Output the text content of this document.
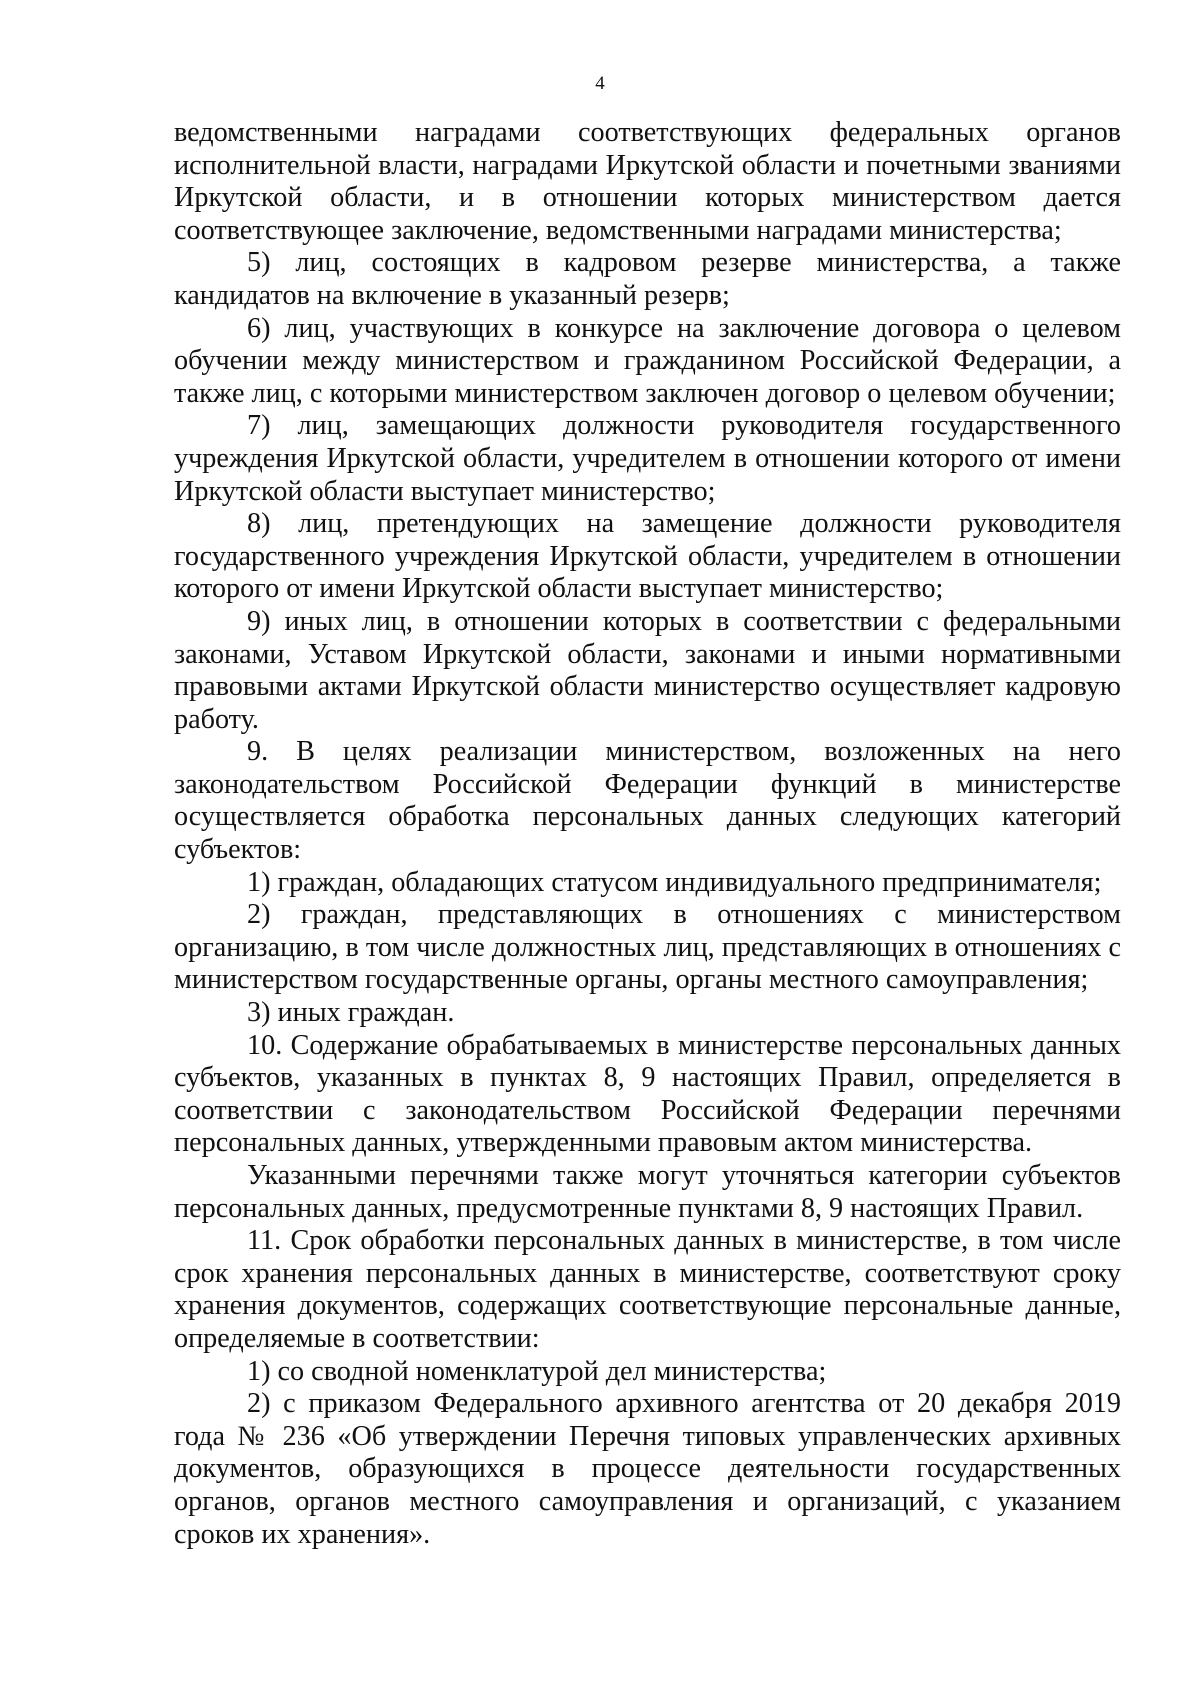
4

ведомственными наградами соответствующих федеральных органов исполнительной власти, наградами Иркутской области и почетными званиями Иркутской области, и в отношении которых министерством дается соответствующее заключение, ведомственными наградами министерства;

5) лиц, состоящих в кадровом резерве министерства, а также кандидатов на включение в указанный резерв;

6) лиц, участвующих в конкурсе на заключение договора о целевом обучении между министерством и гражданином Российской Федерации, а также лиц, с которыми министерством заключен договор о целевом обучении;

7) лиц, замещающих должности руководителя государственного учреждения Иркутской области, учредителем в отношении которого от имени Иркутской области выступает министерство;

8) лиц, претендующих на замещение должности руководителя государственного учреждения Иркутской области, учредителем в отношении которого от имени Иркутской области выступает министерство;

9) иных лиц, в отношении которых в соответствии с федеральными законами, Уставом Иркутской области, законами и иными нормативными правовыми актами Иркутской области министерство осуществляет кадровую работу.

9. В целях реализации министерством, возложенных на него законодательством Российской Федерации функций в министерстве осуществляется обработка персональных данных следующих категорий субъектов:

1) граждан, обладающих статусом индивидуального предпринимателя;

2) граждан, представляющих в отношениях с министерством организацию, в том числе должностных лиц, представляющих в отношениях с министерством государственные органы, органы местного самоуправления;

3) иных граждан.

10. Содержание обрабатываемых в министерстве персональных данных субъектов, указанных в пунктах 8, 9 настоящих Правил, определяется в соответствии с законодательством Российской Федерации перечнями персональных данных, утвержденными правовым актом министерства.

Указанными перечнями также могут уточняться категории субъектов персональных данных, предусмотренные пунктами 8, 9 настоящих Правил.

11. Срок обработки персональных данных в министерстве, в том числе срок хранения персональных данных в министерстве, соответствуют сроку хранения документов, содержащих соответствующие персональные данные, определяемые в соответствии:

1) со сводной номенклатурой дел министерства;

2) с приказом Федерального архивного агентства от 20 декабря 2019 года № 236 «Об утверждении Перечня типовых управленческих архивных документов, образующихся в процессе деятельности государственных органов, органов местного самоуправления и организаций, с указанием сроков их хранения».
